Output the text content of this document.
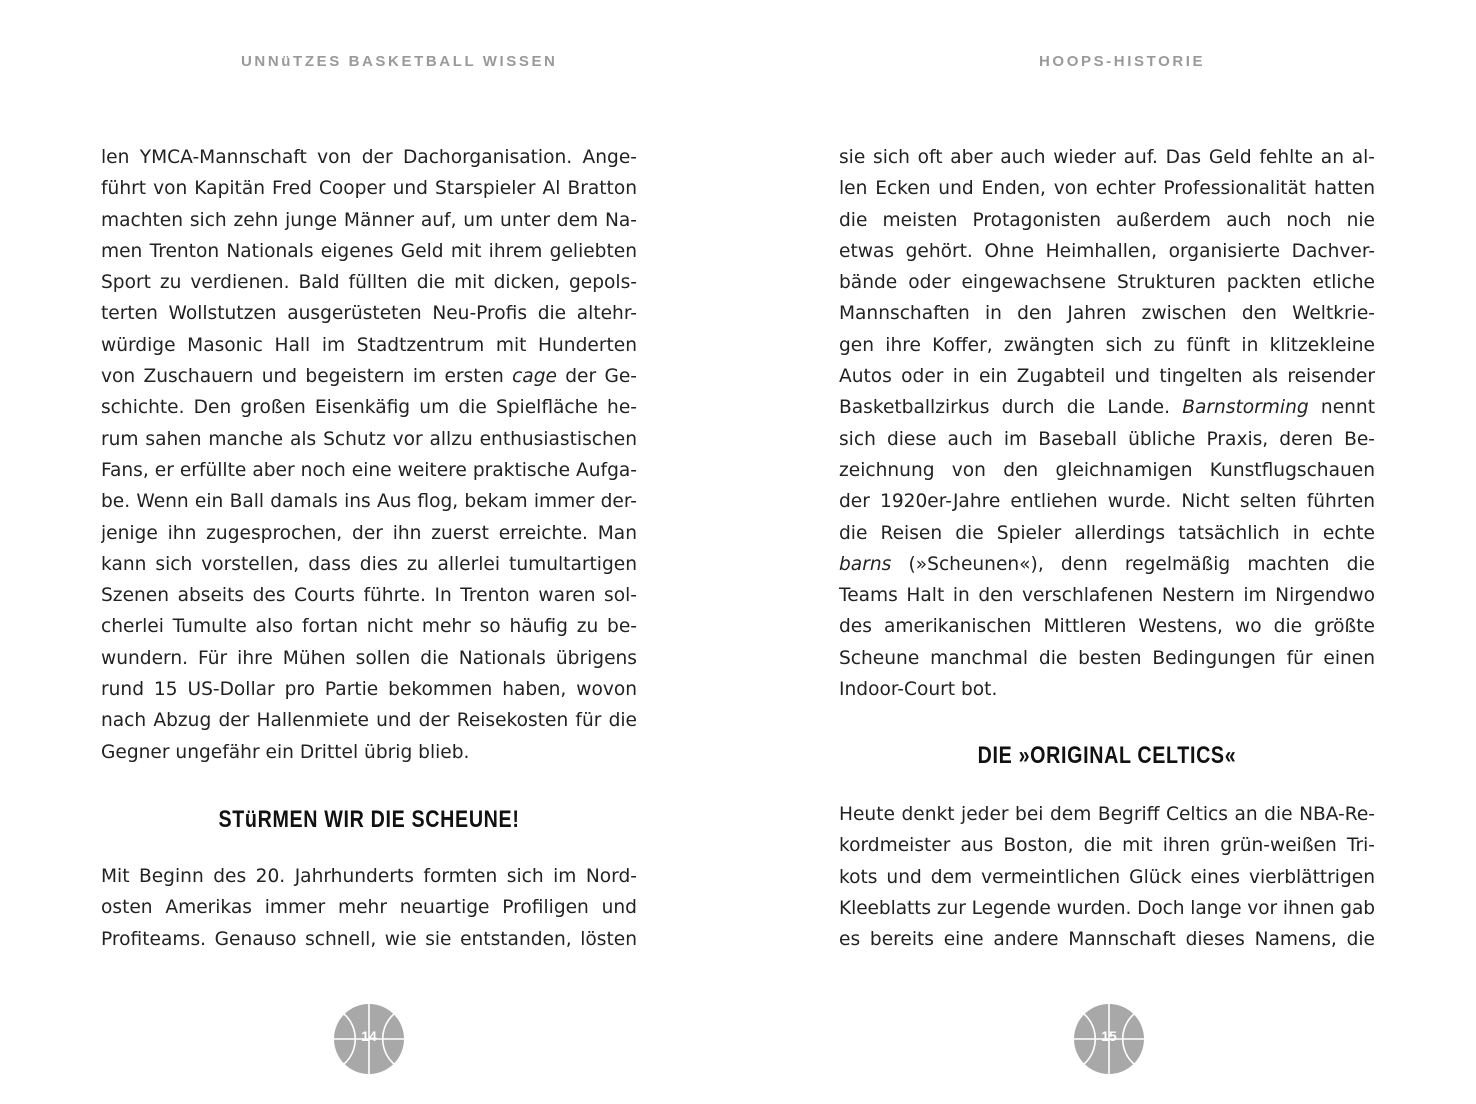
UNNüTZES BASKETBALL WISSEN
len YMCA-Mannschaft von der Dachorganisation. Ange-
führt von Kapitän Fred Cooper und Starspieler Al Bratton
machten sich zehn junge Männer auf, um unter dem Na-
men Trenton Nationals eigenes Geld mit ihrem geliebten
Sport zu verdienen. Bald füllten die mit dicken, gepols-
terten Wollstutzen ausgerüsteten Neu-Profis die altehr-
würdige Masonic Hall im Stadtzentrum mit Hunderten
von Zuschauern und begeistern im ersten cage der Ge-
schichte. Den großen Eisenkäfig um die Spielfläche he-
rum sahen manche als Schutz vor allzu enthusiastischen
Fans, er erfüllte aber noch eine weitere praktische Aufga-
be. Wenn ein Ball damals ins Aus flog, bekam immer der-
jenige ihn zugesprochen, der ihn zuerst erreichte. Man
kann sich vorstellen, dass dies zu allerlei tumultartigen
Szenen abseits des Courts führte. In Trenton waren sol-
cherlei Tumulte also fortan nicht mehr so häufig zu be-
wundern. Für ihre Mühen sollen die Nationals übrigens
rund 15 US-Dollar pro Partie bekommen haben, wovon
nach Abzug der Hallenmiete und der Reisekosten für die
Gegner ungefähr ein Drittel übrig blieb.
STüRMEN WIR DIE SCHEUNE!
Mit Beginn des 20. Jahrhunderts formten sich im Nord-
osten Amerikas immer mehr neuartige Profiligen und
Profiteams. Genauso schnell, wie sie entstanden, lösten
14
HOOPS-HISTORIE
sie sich oft aber auch wieder auf. Das Geld fehlte an al-
len Ecken und Enden, von echter Professionalität hatten
die meisten Protagonisten außerdem auch noch nie
etwas gehört. Ohne Heimhallen, organisierte Dachver-
bände oder eingewachsene Strukturen packten etliche
Mannschaften in den Jahren zwischen den Weltkrie-
gen ihre Koffer, zwängten sich zu fünft in klitzekleine
Autos oder in ein Zugabteil und tingelten als reisender
Basketballzirkus durch die Lande. Barnstorming nennt
sich diese auch im Baseball übliche Praxis, deren Be-
zeichnung von den gleichnamigen Kunstflugschauen
der 1920er-Jahre entliehen wurde. Nicht selten führten
die Reisen die Spieler allerdings tatsächlich in echte
barns (»Scheunen«), denn regelmäßig machten die
Teams Halt in den verschlafenen Nestern im Nirgendwo
des amerikanischen Mittleren Westens, wo die größte
Scheune manchmal die besten Bedingungen für einen
Indoor-Court bot.
DIE »ORIGINAL CELTICS«
Heute denkt jeder bei dem Begriff Celtics an die NBA-Re-
kordmeister aus Boston, die mit ihren grün-weißen Tri-
kots und dem vermeintlichen Glück eines vierblättrigen
Kleeblatts zur Legende wurden. Doch lange vor ihnen gab
es bereits eine andere Mannschaft dieses Namens, die
15
